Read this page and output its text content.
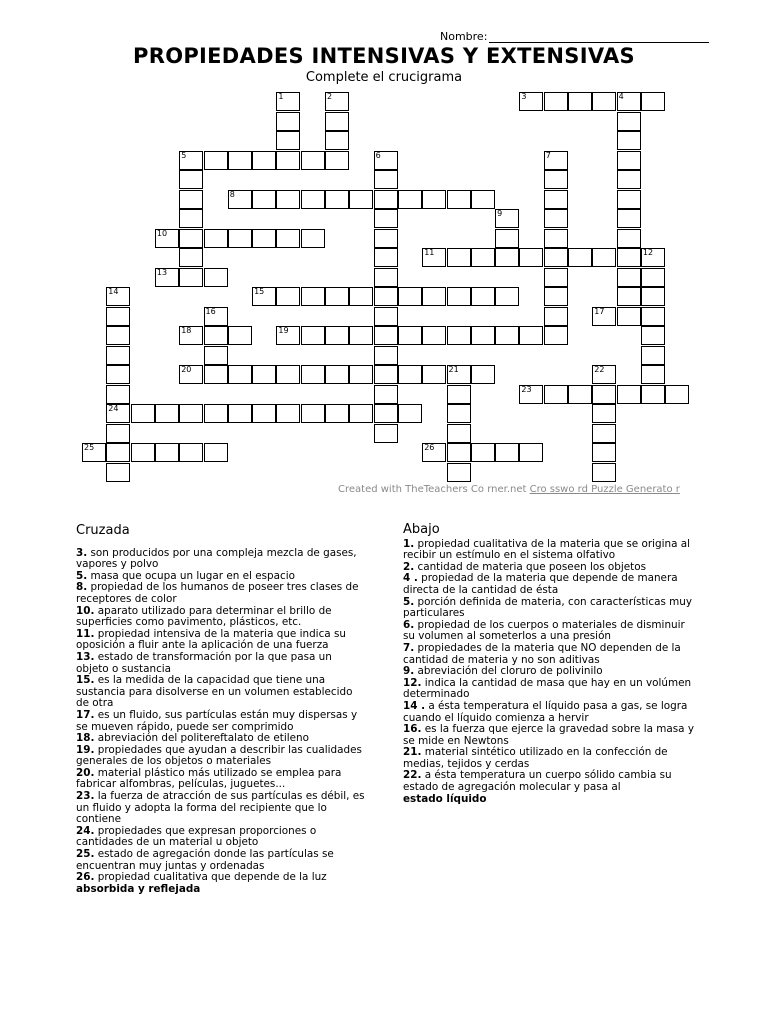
Nombre:
PROPIEDADES INTENSIVAS Y EXTENSIVAS
Complete el crucigrama
1	2	3	4
5	6	7
8
9
10
11	12
13
14	15
16	17
18	19
20	21	22
23
24
25	26
Created with TheTeachers Co rner.net Cro sswo rd Puzzle Generato r
Cruzada

3. son producidos por una compleja mezcla de gases, vapores y polvo

5. masa que ocupa un lugar en el espacio

8. propiedad de los humanos de poseer tres clases de receptores de color

10. aparato utilizado para determinar el brillo de superficies como pavimento, plásticos, etc.

11. propiedad intensiva de la materia que indica su oposición a fluir ante la aplicación de una fuerza

13. estado de transformación por la que pasa un objeto o sustancia

15. es la medida de la capacidad que tiene una sustancia para disolverse en un volumen establecido de otra

17. es un fluido, sus partículas están muy dispersas y se mueven rápido, puede ser comprimido

18. abreviación del politereftalato de etileno

19. propiedades que ayudan a describir las cualidades generales de los objetos o materiales

20. material plástico más utilizado se emplea para fabricar alfombras, películas, juguetes...

23. la fuerza de atracción de sus partículas es débil, es un fluido y adopta la forma del recipiente que lo contiene

24. propiedades que expresan proporciones o cantidades de un material u objeto

25. estado de agregación donde las partículas se encuentran muy juntas y ordenadas

26. propiedad cualitativa que depende de la luz

absorbida y reflejada

Abajo

1. propiedad cualitativa de la materia que se origina al recibir un estímulo en el sistema olfativo

2. cantidad de materia que poseen los objetos

4 . propiedad de la materia que depende de manera directa de la cantidad de ésta

5. porción definida de materia, con características muy particulares

6. propiedad de los cuerpos o materiales de disminuir su volumen al someterlos a una presión

7. propiedades de la materia que NO dependen de la cantidad de materia y no son aditivas

9. abreviación del cloruro de polivinilo

12. indica la cantidad de masa que hay en un volúmen determinado

14 . a ésta temperatura el líquido pasa a gas, se logra cuando el líquido comienza a hervir

16. es la fuerza que ejerce la gravedad sobre la masa y se mide en Newtons

21. material sintético utilizado en la confección de medias, tejidos y cerdas

22. a ésta temperatura un cuerpo sólido cambia su estado de agregación molecular y pasa al

estado líquido
